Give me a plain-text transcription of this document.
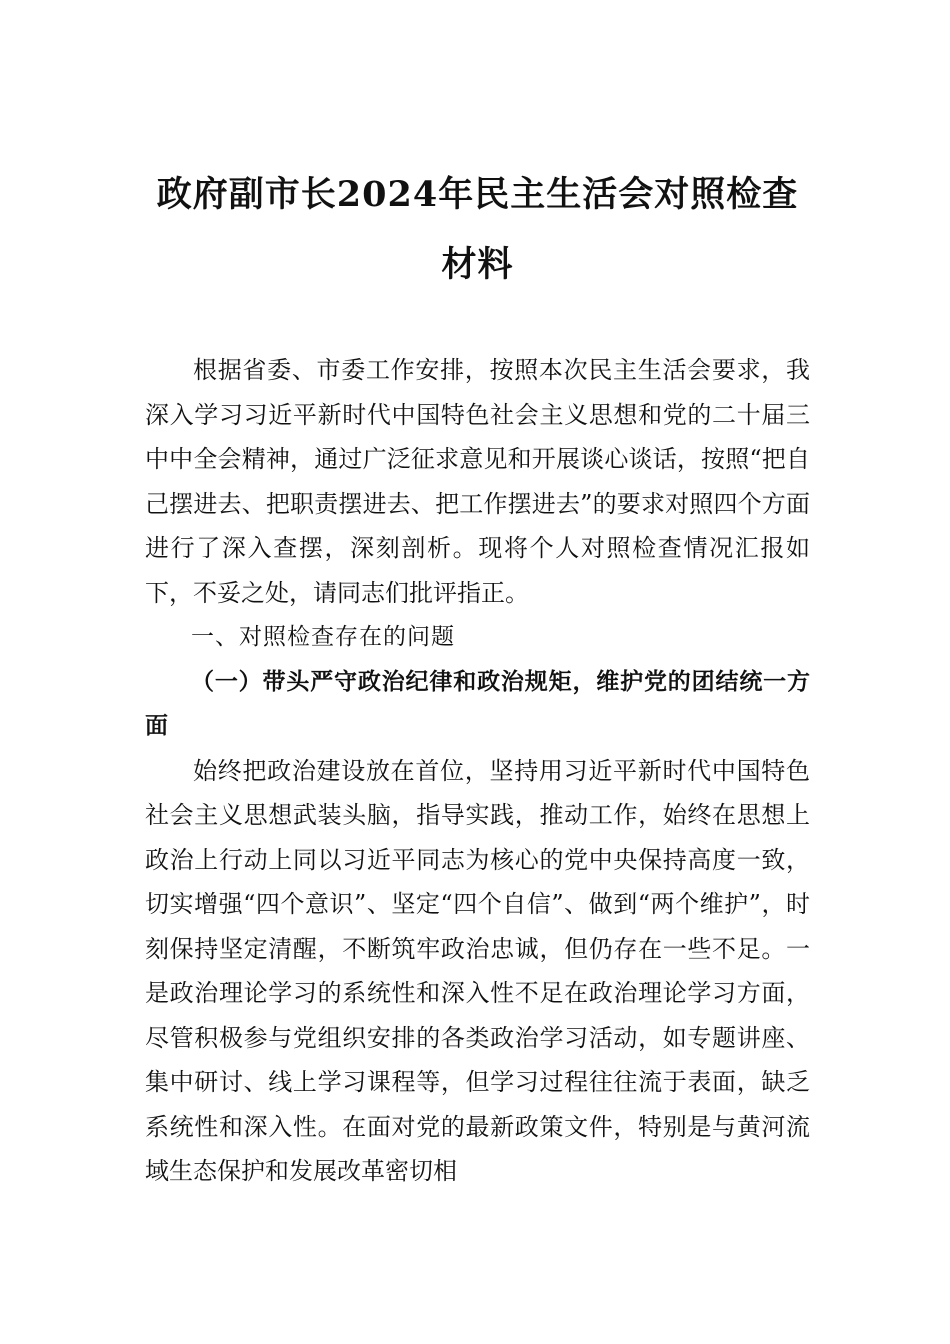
政府副市长2024年民主生活会对照检查材料

根据省委、市委工作安排，按照本次民主生活会要求，我深入学习习近平新时代中国特色社会主义思想和党的二十届三中中全会精神，通过广泛征求意见和开展谈心谈话，按照“把自己摆进去、把职责摆进去、把工作摆进去”的要求对照四个方面进行了深入查摆，深刻剖析。现将个人对照检查情况汇报如下，不妥之处，请同志们批评指正。

一、对照检查存在的问题

（一）带头严守政治纪律和政治规矩，维护党的团结统一方面

始终把政治建设放在首位，坚持用习近平新时代中国特色社会主义思想武装头脑，指导实践，推动工作，始终在思想上政治上行动上同以习近平同志为核心的党中央保持高度一致，切实增强“四个意识”、坚定“四个自信”、做到“两个维护”，时刻保持坚定清醒，不断筑牢政治忠诚，但仍存在一些不足。一是政治理论学习的系统性和深入性不足在政治理论学习方面，尽管积极参与党组织安排的各类政治学习活动，如专题讲座、集中研讨、线上学习课程等，但学习过程往往流于表面，缺乏系统性和深入性。在面对党的最新政策文件，特别是与黄河流域生态保护和发展改革密切相
